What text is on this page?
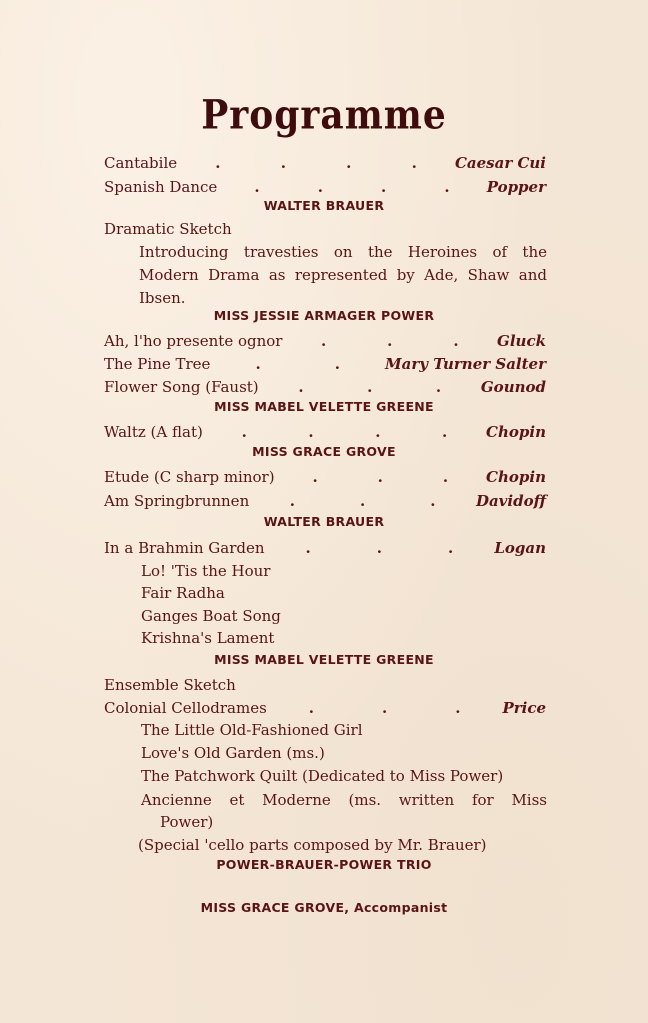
Programme
Cantabile	.	.	.	.	Caesar Cui
Spanish Dance .	.	.	. Popper
WALTER BRAUER
Dramatic Sketch
Introducing travesties on the Heroines of the
Modern Drama as represented by Ade, Shaw and
Ibsen.
MISS JESSIE ARMAGER POWER
Ah, l'ho presente ognor	.	.	.	Gluck
The Pine Tree	.	.	Mary Turner Salter
Flower Song (Faust)	.	.	.	Gounod
MISS MABEL VELETTE GREENE
Waltz (A flat)	.	.	.	.	Chopin
MISS GRACE GROVE
Etude (C sharp minor)	.	.	.	Chopin
Am Springbrunnen	.	.	.	Davidoff
WALTER BRAUER
In a Brahmin Garden	.	.	.	Logan
Lo! 'Tis the Hour
Fair Radha
Ganges Boat Song
Krishna's Lament
MISS MABEL VELETTE GREENE
Ensemble Sketch
Colonial Cellodrames	.	.	.	Price
The Little Old-Fashioned Girl
Love's Old Garden (ms.)
The Patchwork Quilt (Dedicated to Miss Power)
Ancienne et Moderne (ms. written for Miss
Power)
(Special 'cello parts composed by Mr. Brauer)
POWER-BRAUER-POWER TRIO
MISS GRACE GROVE, Accompanist
